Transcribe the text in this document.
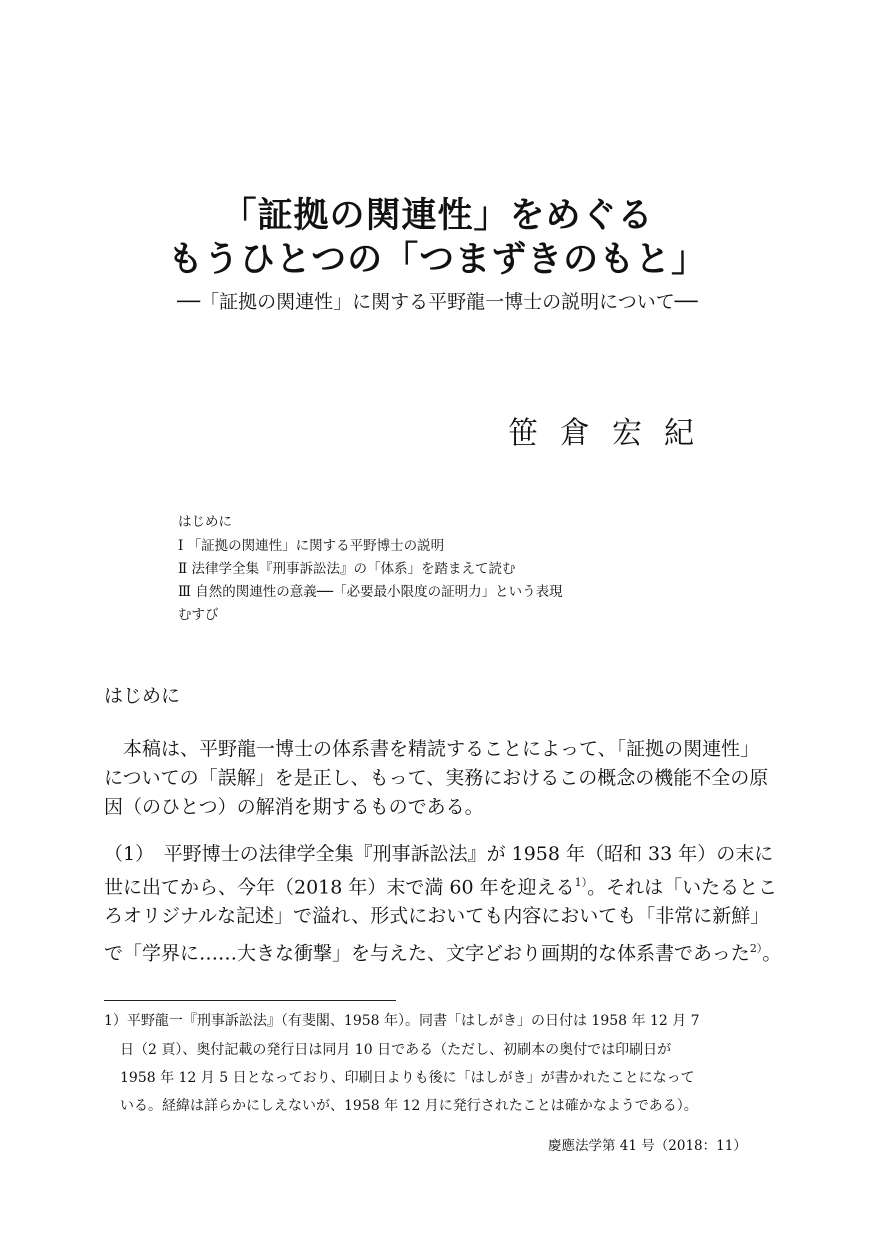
「証拠の関連性」をめぐる
もうひとつの「つまずきのもと」
──「証拠の関連性」に関する平野龍一博士の説明について──
笹倉宏紀
はじめに
Ⅰ 「証拠の関連性」に関する平野博士の説明
Ⅱ 法律学全集『刑事訴訟法』の「体系」を踏まえて読む
Ⅲ 自然的関連性の意義──「必要最小限度の証明力」という表現
むすび
はじめに
　本稿は、平野龍一博士の体系書を精読することによって、「証拠の関連性」
についての「誤解」を是正し、もって、実務におけるこの概念の機能不全の原
因（のひとつ）の解消を期するものである。
（1）　平野博士の法律学全集『刑事訴訟法』が 1958 年（昭和 33 年）の末に
世に出てから、今年（2018 年）末で満 60 年を迎える$^{1)}$。それは「いたるとこ
ろオリジナルな記述」で溢れ、形式においても内容においても「非常に新鮮」
で「学界に……大きな衝撃」を与えた、文字どおり画期的な体系書であった$^{2)}$。
1）平野龍一『刑事訴訟法』（有斐閣、1958 年）。同書「はしがき」の日付は 1958 年 12 月 7
日（2 頁）、奥付記載の発行日は同月 10 日である（ただし、初刷本の奥付では印刷日が
1958 年 12 月 5 日となっており、印刷日よりも後に「はしがき」が書かれたことになって
いる。経緯は詳らかにしえないが、1958 年 12 月に発行されたことは確かなようである）。
慶應法学第 41 号（2018：11）
